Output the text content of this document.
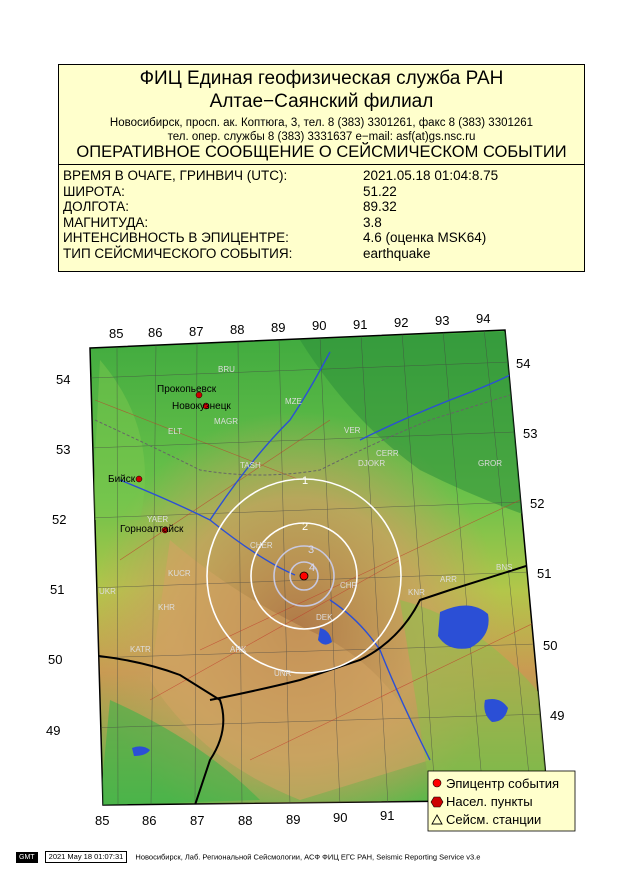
ФИЦ Единая геофизическая служба РАН
Алтае−Саянский филиал
Новосибирск, просп. ак. Коптюга, 3, тел. 8 (383) 3301261, факс 8 (383) 3301261
тел. опер. службы 8 (383) 3331637 e−mail: asf(at)gs.nsc.ru
ОПЕРАТИВНОЕ СООБЩЕНИЕ О СЕЙСМИЧЕСКОМ СОБЫТИИ
ВРЕМЯ В ОЧАГЕ, ГРИНВИЧ (UTC):	2021.05.18 01:04:8.75
ШИРОТА:	51.22
ДОЛГОТА:	89.32
МАГНИТУДА:	3.8
ИНТЕНСИВНОСТЬ В ЭПИЦЕНТРЕ:	4.6 (оценка MSK64)
ТИП СЕЙСМИЧЕСКОГО СОБЫТИЯ:	earthquake
1
2
3
4
Прокопьевск
Новокузнецк
Бийск
Горноалтайск
BRU
MZE
ELT
MAGR
VER
CERR
DJOKR	GROR
TASH
YAER
CHER
KUCR
UKR
KHR
KATR	ARK
UNR
DEK
KNR
ARR
BNS
CHR
85 86 87 88 89 90 91 92 93 94
85	86	87	88	89	90	91
54
53
52
51
50
49
54
53
52
51
50
49
Эпицентр события
Насел. пункты
Сейсм. станции
GMT 2021 May 18 01:07:31 Новосибирск, Лаб. Региональной Сейсмологии, АСФ ФИЦ ЕГС РАН, Seismic Reporting Service v3.e
